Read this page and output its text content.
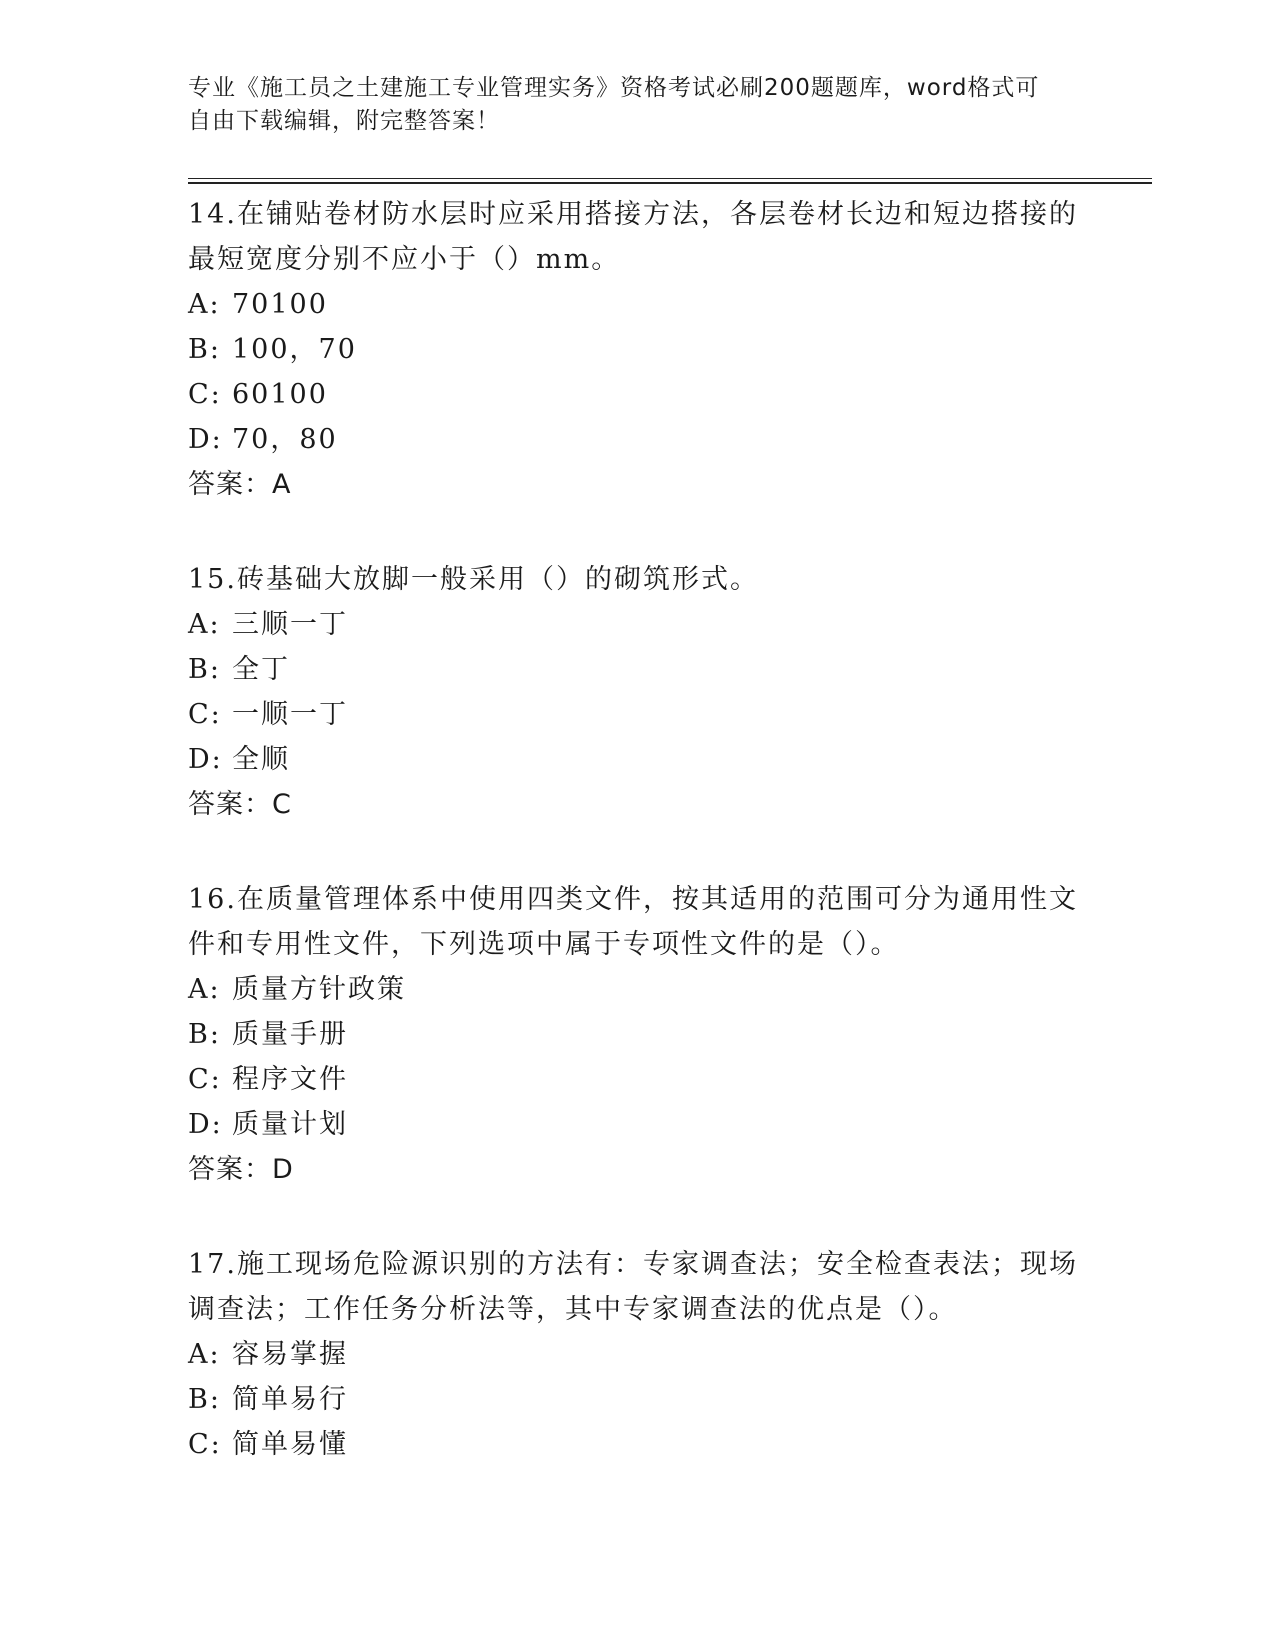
专业《施工员之土建施工专业管理实务》资格考试必刷200题题库，word格式可
自由下载编辑，附完整答案！
14.在铺贴卷材防水层时应采用搭接方法，各层卷材长边和短边搭接的
最短宽度分别不应小于（）mm。
A: 70100
B: 100，70
C: 60100
D: 70，80
答案：A
15.砖基础大放脚一般采用（）的砌筑形式。
A: 三顺一丁
B: 全丁
C: 一顺一丁
D: 全顺
答案：C
16.在质量管理体系中使用四类文件，按其适用的范围可分为通用性文
件和专用性文件，下列选项中属于专项性文件的是（）。
A: 质量方针政策
B: 质量手册
C: 程序文件
D: 质量计划
答案：D
17.施工现场危险源识别的方法有：专家调查法；安全检查表法；现场
调查法；工作任务分析法等，其中专家调查法的优点是（）。
A: 容易掌握
B: 简单易行
C: 简单易懂
